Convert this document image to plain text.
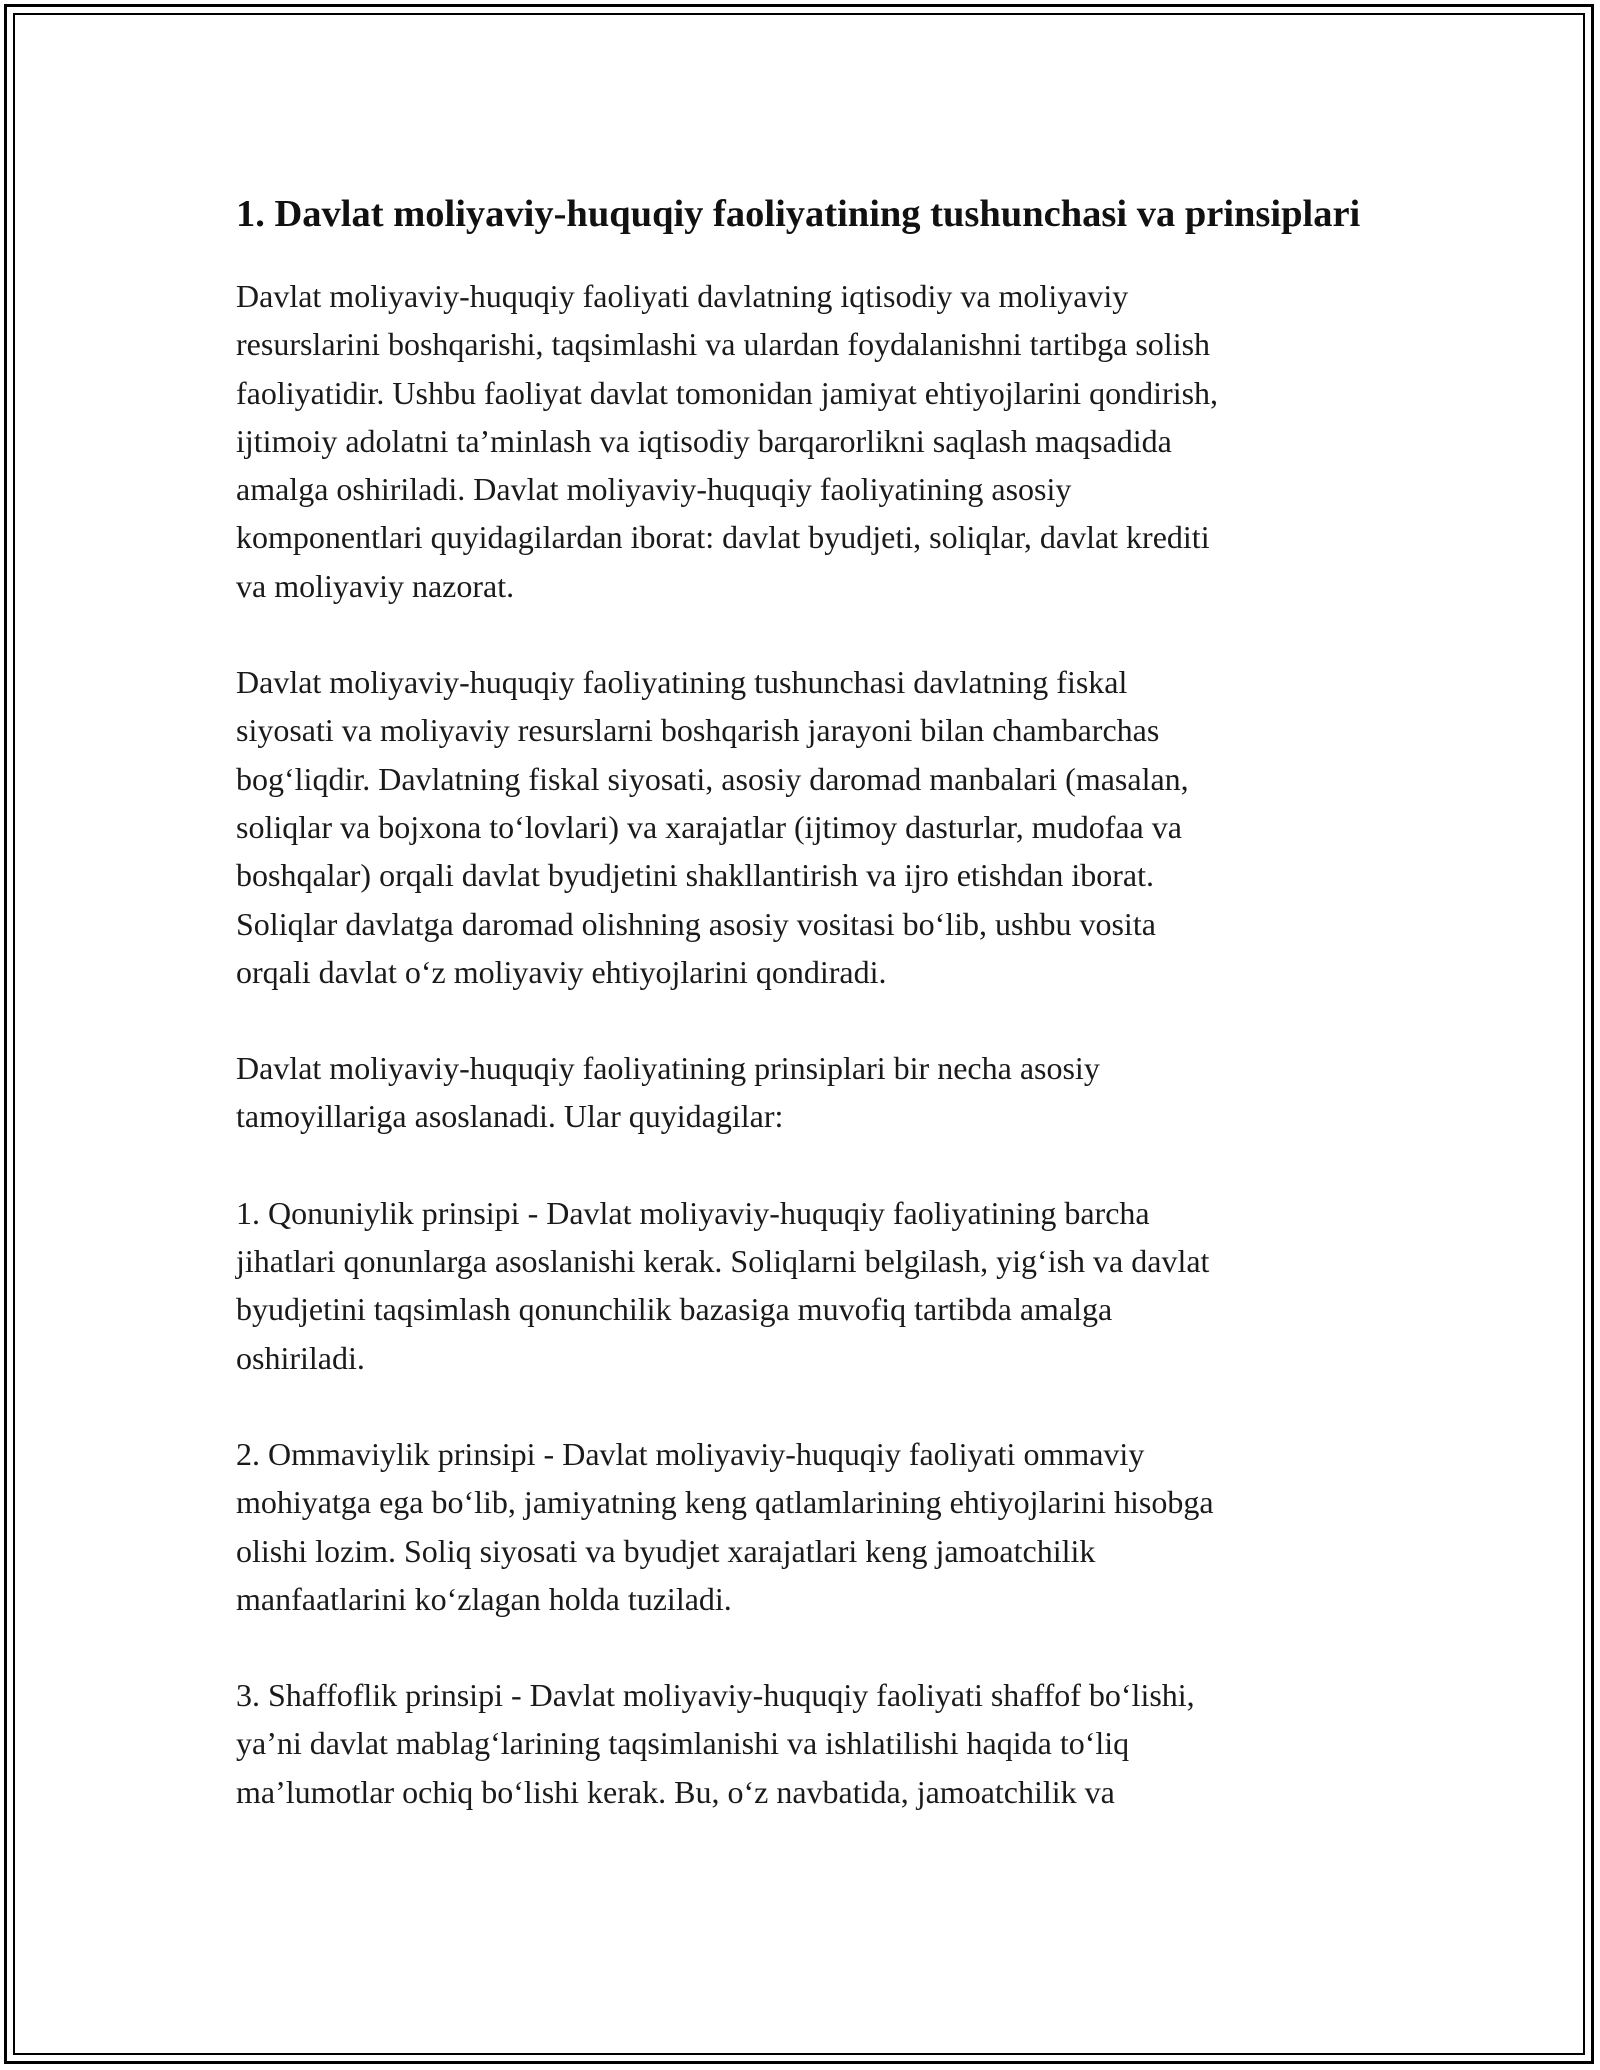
1. Davlat moliyaviy-huquqiy faoliyatining tushunchasi va prinsiplari

Davlat moliyaviy-huquqiy faoliyati davlatning iqtisodiy va moliyaviy
resurslarini boshqarishi, taqsimlashi va ulardan foydalanishni tartibga solish
faoliyatidir. Ushbu faoliyat davlat tomonidan jamiyat ehtiyojlarini qondirish,
ijtimoiy adolatni ta’minlash va iqtisodiy barqarorlikni saqlash maqsadida
amalga oshiriladi. Davlat moliyaviy-huquqiy faoliyatining asosiy
komponentlari quyidagilardan iborat: davlat byudjeti, soliqlar, davlat krediti
va moliyaviy nazorat.

Davlat moliyaviy-huquqiy faoliyatining tushunchasi davlatning fiskal
siyosati va moliyaviy resurslarni boshqarish jarayoni bilan chambarchas
bog‘liqdir. Davlatning fiskal siyosati, asosiy daromad manbalari (masalan,
soliqlar va bojxona to‘lovlari) va xarajatlar (ijtimoy dasturlar, mudofaa va
boshqalar) orqali davlat byudjetini shakllantirish va ijro etishdan iborat.
Soliqlar davlatga daromad olishning asosiy vositasi bo‘lib, ushbu vosita
orqali davlat o‘z moliyaviy ehtiyojlarini qondiradi.

Davlat moliyaviy-huquqiy faoliyatining prinsiplari bir necha asosiy
tamoyillariga asoslanadi. Ular quyidagilar:

1. Qonuniylik prinsipi - Davlat moliyaviy-huquqiy faoliyatining barcha
jihatlari qonunlarga asoslanishi kerak. Soliqlarni belgilash, yig‘ish va davlat
byudjetini taqsimlash qonunchilik bazasiga muvofiq tartibda amalga
oshiriladi.

2. Ommaviylik prinsipi - Davlat moliyaviy-huquqiy faoliyati ommaviy
mohiyatga ega bo‘lib, jamiyatning keng qatlamlarining ehtiyojlarini hisobga
olishi lozim. Soliq siyosati va byudjet xarajatlari keng jamoatchilik
manfaatlarini ko‘zlagan holda tuziladi.

3. Shaffoflik prinsipi - Davlat moliyaviy-huquqiy faoliyati shaffof bo‘lishi,
ya’ni davlat mablag‘larining taqsimlanishi va ishlatilishi haqida to‘liq
ma’lumotlar ochiq bo‘lishi kerak. Bu, o‘z navbatida, jamoatchilik va
